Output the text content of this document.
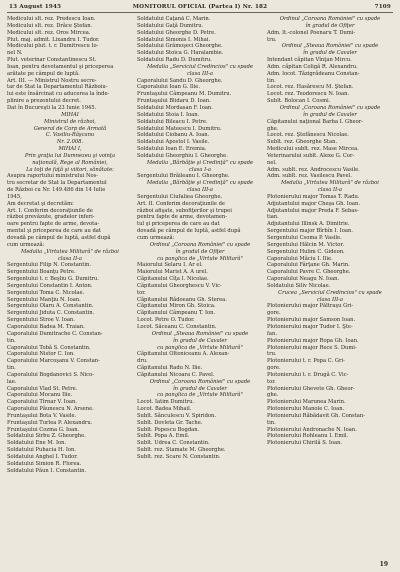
13 August 1945	MONITORUL OFICIAL (Partea I) Nr. 182	7109

Medicului slt. rez. Predescu Ioan.

Medicului slt. rez. Drăce Ştefan.

Medicului slt. rez. Oros Mircea.

Plut. maj. admit. Lixandru I. Tudor.

Medicului plut. t. r. Dumitrescu Io-

nel N.

Plut. veterinar Constantinescu St.

Ioan, pentru devotamentul şi priceperea

arătate pe câmpul de luptă.

Art. III. — Ministrul Nostru secre-

tar de Stat la Departamentul Războiu-

lui este însărcinat cu aducerea la înde-

plinire a prezentului decret.

Dat în Bucureşti la 23 Iunie 1945.

MIHAI

Ministrul de război,

General de Corp de Armată

C. Vasiliu-Răşcanu

Nr. 2.008.

MIHAI I,

Prin graţia lui Dumnezeu şi voinţa

naţională, Rege al României,

La toţi de faţă şi viitori, sănătate:

Asupra raportului ministrului Nos-

tru secretar de Stat la Departamentul

de Război cu Nr. 149.486 din 14 Iulie

1945,

Am decretat şi decretăm:

Art. I. Conferim decoraţiunile de

război prevăzute, gradelor inferi-

oare pentru fapte de arme, devota-

mentul şi priceperea de care au dat

dovadă pe câmpul de luptă, astfel după

cum urmează:

Medalia „Virtutea Militară" de război

clasa II-a

Sergentului Filip N. Constantin.

Sergentului Boanţu Petre.

Sergentului t. r. Beşliu G. Dumitru.

Sergentului Constantin I. Anton.

Sergentului Toma C. Nicolae.

Sergentului Manţiu N. Ioan.

Sergentului Olaru A. Constantin.

Sergentului Jiduta C. Constantin.

Sergentului Stroe V. Ioan.

Caporalului Badea M. Traian.

Caporalului Dumitrache C. Constan-

tin.

Caporalului Tobă S. Constantin.

Caporalului Nistor C. Ion.

Caporalului Marcoşanu V. Constan-

tin.

Caporalului Bogdanovici S. Nico-

lae.

Caporalului Vlad St. Petre.

Caporalului Mocanu Ilie.

Caporalului Tîrnar V. Ioan.

Caporalului Păunescu N. Arsene.

Fruntaşului Bota V. Vasile.

Fruntaşului Turlea P. Alexandru.

Fruntaşului Cozma G. Ioan.

Soldatului Sirbu Z. Gheorghe.

Soldatului Ene M. Ion.

Soldatului Puhacia H. Ion.

Soldatului Anghel I. Tudor.

Soldatului Simion R. Florea.

Soldatului Păun I. Constantin.

Soldatului Caţană C. Marin.

Soldatului Gaţă Dumitru.

Soldatului Gheorghe D. Petre.

Soldatului Simonis I. Mihai.

Soldatului Grămoşeci Gheorghe.

Soldatului Stoica G. Haralambie.

Soldatului Radu D. Dumitru.

Medalia „Serviciul Credincios" cu spade

clasa III-a

Caporalului Sandu D. Gheorghe.

Caporalului Ioan G. Ilie.

Fruntaşului Câmpeanu M. Dumitru.

Fruntaşului Blidaru D. Ioan.

Soldatului Mordasan F. Ioan.

Soldatului Stoia I. Ioan.

Soldatului Bileacu I. Petre.

Soldatului Mateescu I. Dumitru.

Soldatului Ciobanu A. Ioan.

Soldatului Apostol I. Vasile.

Soldatului Ioan E. Eremia.

Soldatului Gheorghiu I. Gheorghe.

Medalia „Bărbăţie şi Credinţă" cu spade

clasa I-a

Sergentului Brăileanu I. Gheorghe.

Medalia „Bărbăţie şi Credinţă" cu spade

clasa III-a

Sergentului Ciufaliea Gheorghe.

Art. II. Conferim decoraţiunile de

război afişate, subofiţerilor şi trupei

pentru fapte de arme, devotamen-

tul şi priceperea de care au dat

dovadă pe câmpul de luptă, astfel după

cum urmează:

Ordinul „Coroana României" cu spade

în gradul de Ofiţer

cu panglica de „Virtute Militară"

Maiorului Selaru I. Ar el.

Maiorului Marist A. A urel.

Căpitanului Cîţa I. Nicolae.

Căpitanului Gheorghescu V. Vic-

tor.

Căpitanului Rădoeanu Gh. Sterea.

Căpitanului Miron Gh. Stoica.

Căpitanului Câmpeanu T. Ion.

Locot. Petre O. Tudor.

Locot. Săceanu C. Constantin.

Ordinul „Steaua României" cu spade

în gradul de Cavaler

cu panglica de „Virtute Militară"

Căpitanului Olteniceanu A. Alexan-

dru.

Căpitanului Radu N. Ilie.

Căpitanului Nicoara C. Pavel.

Ordinul „Coroana României" cu spade

în gradul de Cavaler

cu panglica de „Virtute Militară"

Locot. Iatim Dumitru.

Locot. Badea Mihail.

Sublt. Sănculescu V. Spiridon.

Sublt. Dovleta Gr. Tache.

Sublt. Popescu Bogdan.

Sublt. Popa A. Emil.

Sublt. Udrea C. Constantin.

Sublt. rez. Stamate M. Gheorghe.

Sublt. rez. Scare N. Constantin.

Ordinul „Coroana României" cu spade

în gradul de Ofiţer

Adm. lt.-colonel Poenaru T. Dumi-

tru.

Ordinul „Steaua României" cu spade

în gradul de Cavaler

Intendant căpitan Vînţan Mircu.

Adm. căpitan Coligă R. Alexandru.

Adm. locot. Tăzigrădeanu Constan-

tin.

Locot. rez. Hasărescu M. Ştefan.

Locot. rez. Teodorescu N. Ioan.

Sublt. Bolocan I. Cosmi.

Ordinul „Coroana României" cu spade

în gradul de Cavaler

Căpitanului naţional Barba I. Gheor-

ghe.

Locot. rez. Ştefănescu Nicolae.

Sublt. rez. Gheorghe Stan.

Medicului sublt. rez. Mase Mircea.

Veterinarului sublt. Alexe G. Cor-

nel.

Adm. sublt. rez. Androcescu Vasile.

Adm. sublt. rez. Vasilescu Pavel.

Medalia „Virtutea Militară" de război

clasa II-a

Plotonierului major Tomas T. Radu.

Adjutantului major Cheşa Gh. Ioan.

Adjutantului major Preda F. Sebas-

tian.

Adjutantului Illinsk A. Dimitrie.

Sergentului major Bîrbîn I. Ioan.

Sergentului Csoma P. Vasile.

Sergentului Hălcin M. Victor.

Sergentului Hulim C. Gideon.

Caporalului Măciu I. Ilie.

Caporalului Fârţane Gh. Marin.

Caporalului Pavre C. Gheorghe.

Caporalului Neagu N. Ioan.

Soldatului Siliv Nicolae.

Crucea „Serviciul Credincios" cu spade

clasa III-a

Plotonierului major Păltraşu Gri-

gore.

Plotonierului major Samson Ioan.

Plotonierului major Tudor I. Şte-

fan.

Plotonierului major Ropa Gh. Ioan.

Plotonierului major Rece S. Dumi-

tru.

Plotonierului t. r. Popa C. Gri-

gore.

Plotonierului t. r. Drugă C. Vic-

tor.

Plotonierului Ghevete Gh. Gheor-

ghe.

Plotonierului Marunea Marin.

Plotonierului Manole C. Ioan.

Plotonierului Răbădavit Gh. Constan-

tin.

Plotonierului Andronache N. Ioan.

Plotonierului Rohleanu I. Emil.

Plotonierului Chirilă S. Ioan.

19
